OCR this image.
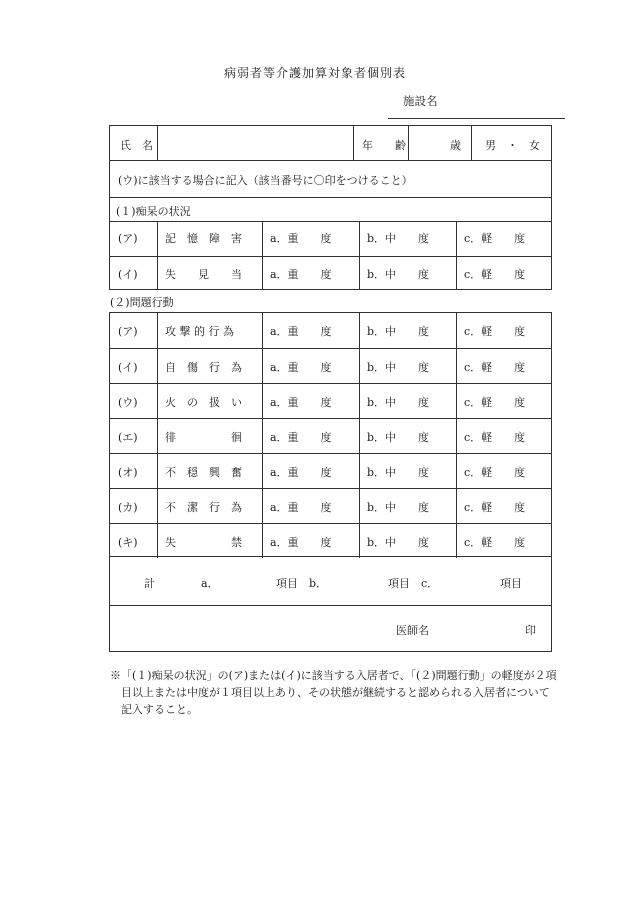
病弱者等介護加算対象者個別表
施設名
氏　名	年　　齢	歳 男　・　女
(ウ)に該当する場合に記入（該当番号に〇印をつけること）
(１)痴呆の状況
(ア) 記　憶　障　害	a．重　　度	b．中　　度	c．軽　　度
(イ) 失　　見　　当	a．重　　度	b．中　　度	c．軽　　度
(２)問題行動
(ア) 攻 撃 的 行 為	a．重　　度	b．中　　度	c．軽　　度
(イ) 自　傷　行　為	a．重　　度	b．中　　度	c．軽　　度
(ウ) 火　の　扱　い	a．重　　度	b．中　　度	c．軽　　度
(エ) 徘　　　　　徊	a．重　　度	b．中　　度	c．軽　　度
(オ) 不　穏　興　奮	a．重　　度	b．中　　度	c．軽　　度
(カ) 不　潔　行　為	a．重　　度	b．中　　度	c．軽　　度
(キ) 失　　　　　禁	a．重　　度	b．中　　度	c．軽　　度
計	a．	項目　b．	項目　c．	項目
医師名	印
※「(１)痴呆の状況」の(ア)または(イ)に該当する入居者で、「(２)問題行動」の軽度が２項目以上または中度が１項目以上あり、その状態が継続すると認められる入居者について記入すること。
